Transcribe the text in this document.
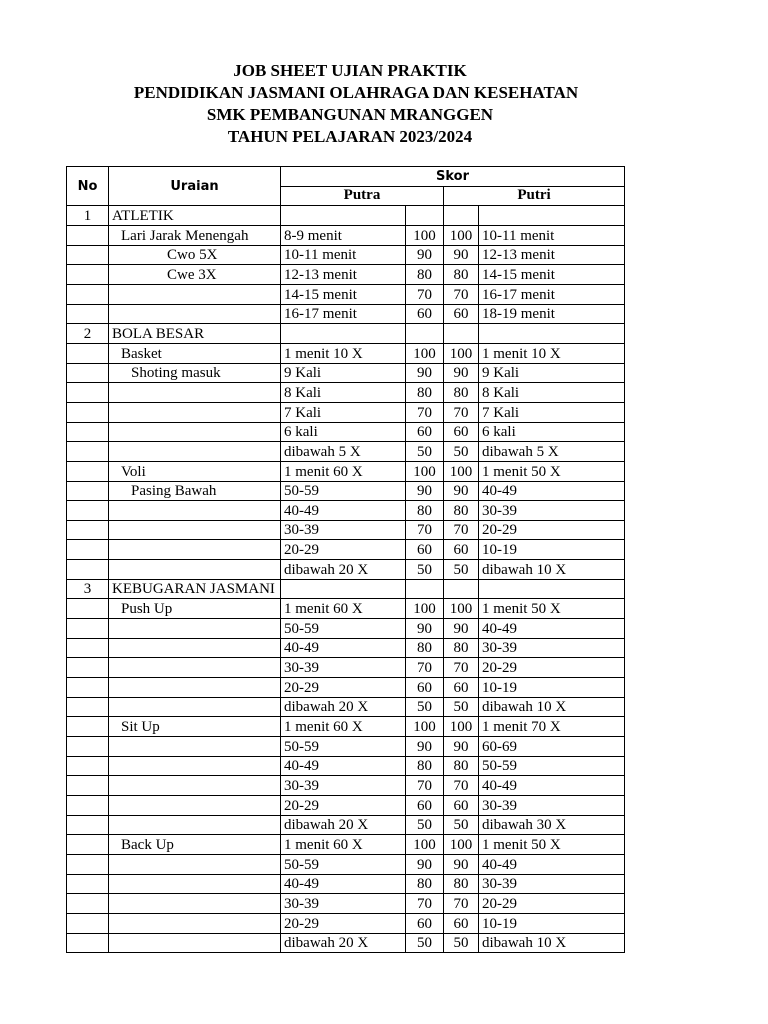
JOB SHEET UJIAN PRAKTIK
PENDIDIKAN JASMANI OLAHRAGA DAN KESEHATAN
SMK PEMBANGUNAN MRANGGEN
TAHUN PELAJARAN 2023/2024
No	Uraian	Skor			
		Putra		Putri	
1	ATLETIK				
	Lari Jarak Menengah	8-9 menit	100	100	10-11 menit
	Cwo 5X	10-11 menit	90	90	12-13 menit
	Cwe 3X	12-13 menit	80	80	14-15 menit
		14-15 menit	70	70	16-17 menit
		16-17 menit	60	60	18-19 menit
2	BOLA BESAR				
	Basket	1 menit 10 X	100	100	1 menit 10 X
	Shoting masuk	9 Kali	90	90	9 Kali
		8 Kali	80	80	8 Kali
		7 Kali	70	70	7 Kali
		6 kali	60	60	6 kali
		dibawah 5 X	50	50	dibawah 5 X
	Voli	1 menit 60 X	100	100	1 menit 50 X
	Pasing Bawah	50-59	90	90	40-49
		40-49	80	80	30-39
		30-39	70	70	20-29
		20-29	60	60	10-19
		dibawah 20 X	50	50	dibawah 10 X
3	KEBUGARAN JASMANI				
	Push Up	1 menit 60 X	100	100	1 menit 50 X
		50-59	90	90	40-49
		40-49	80	80	30-39
		30-39	70	70	20-29
		20-29	60	60	10-19
		dibawah 20 X	50	50	dibawah 10 X
	Sit Up	1 menit 60 X	100	100	1 menit 70 X
		50-59	90	90	60-69
		40-49	80	80	50-59
		30-39	70	70	40-49
		20-29	60	60	30-39
		dibawah 20 X	50	50	dibawah 30 X
	Back Up	1 menit 60 X	100	100	1 menit 50 X
		50-59	90	90	40-49
		40-49	80	80	30-39
		30-39	70	70	20-29
		20-29	60	60	10-19
		dibawah 20 X	50	50	dibawah 10 X
